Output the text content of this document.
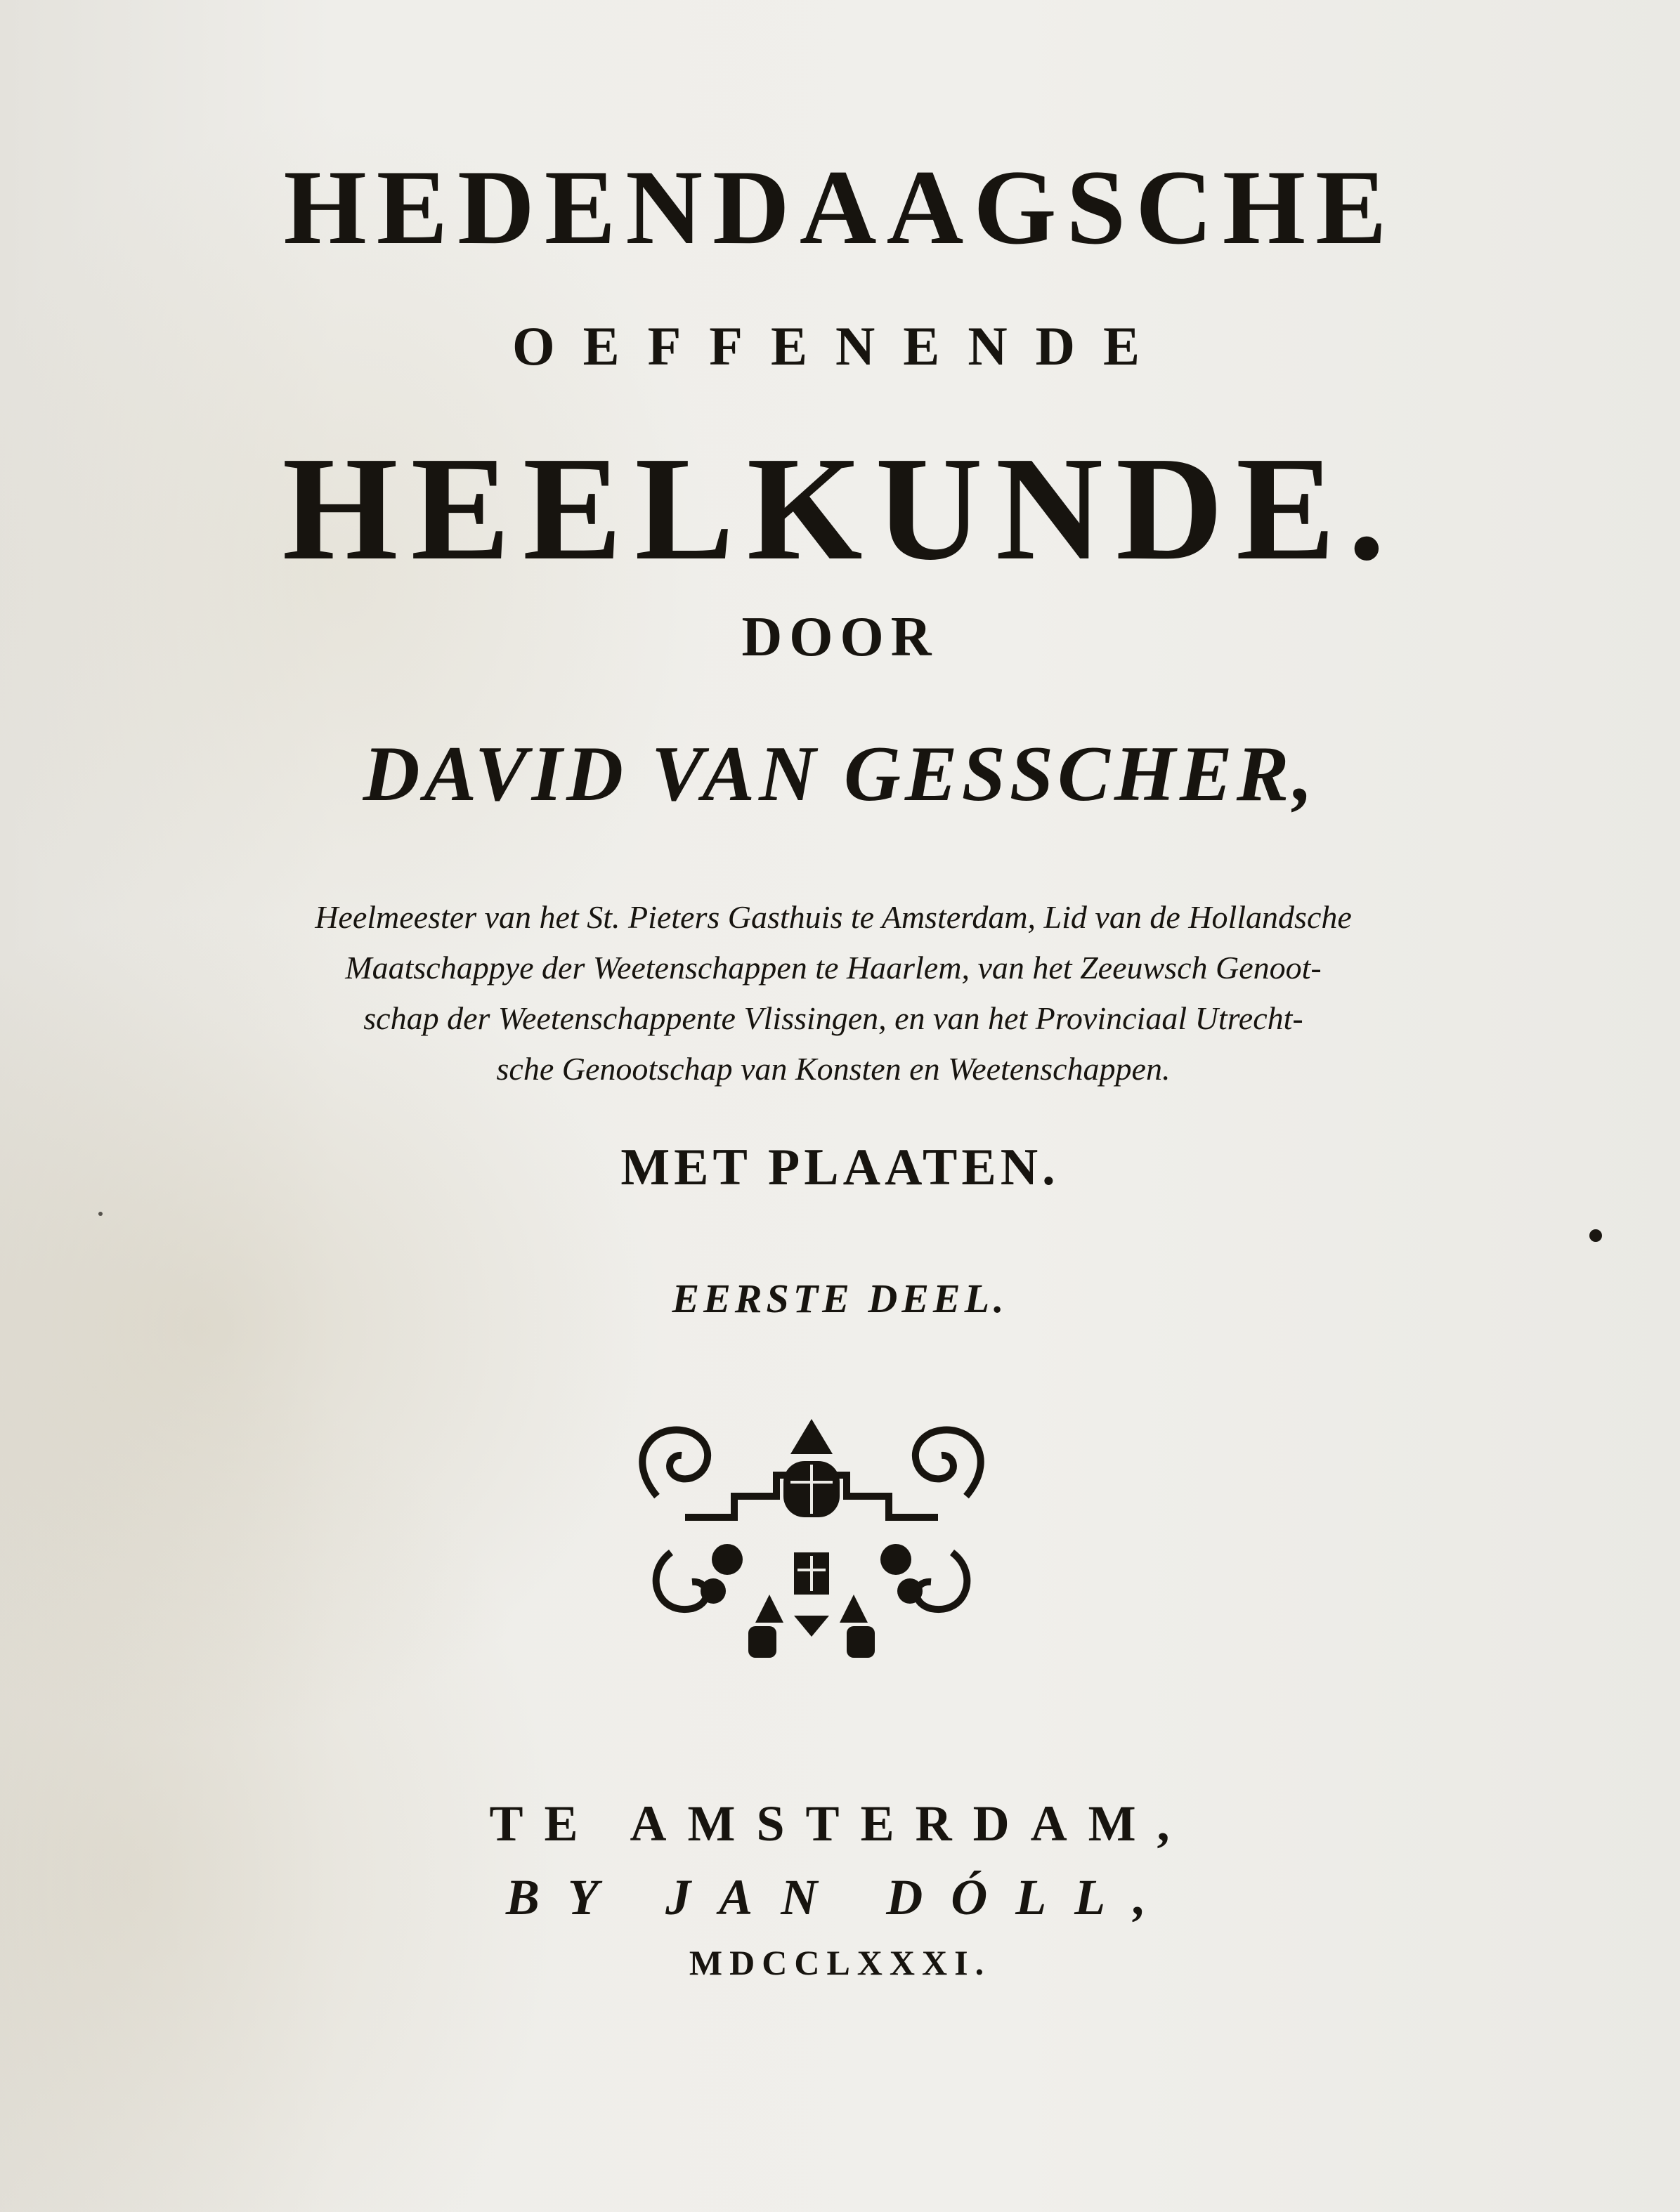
HEDENDAAGSCHE
OEFFENENDE
HEELKUNDE.
DOOR
DAVID VAN GESSCHER,
Heelmeester van het St. Pieters Gasthuis te Amsterdam, Lid van de Hollandsche
Maatschappye der Weetenschappen te Haarlem, van het Zeeuwsch Genoot-
schap der Weetenschappente Vlissingen, en van het Provinciaal Utrecht-
sche Genootschap van Konsten en Weetenschappen.
MET PLAATEN.
EERSTE DEEL.
TE AMSTERDAM,
BY JAN DÓLL,
MDCCLXXXI.
